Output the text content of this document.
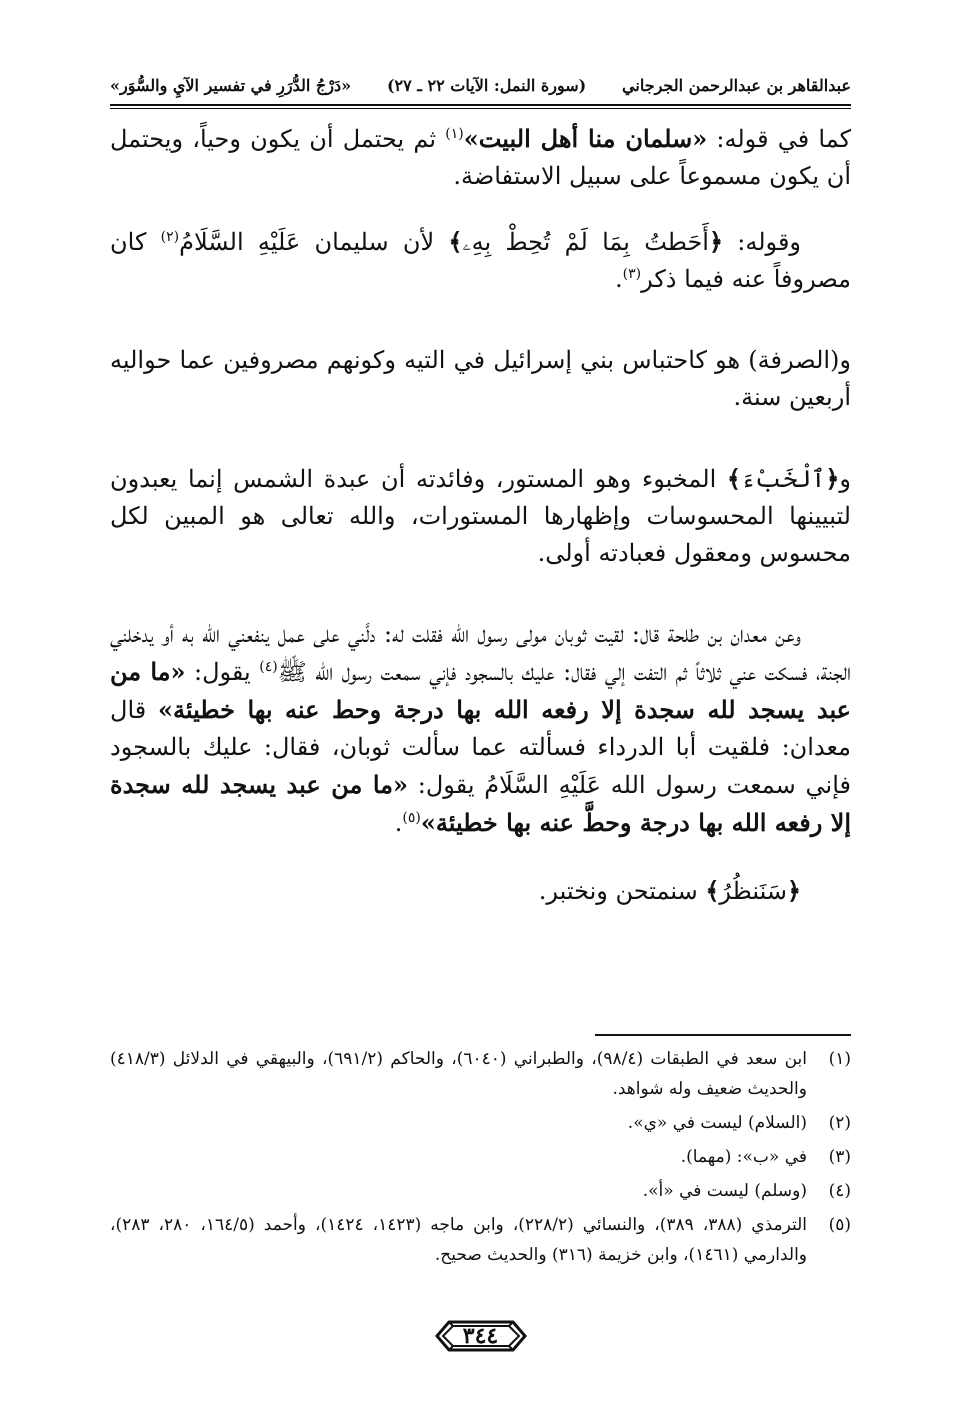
عبدالقاهر بن عبدالرحمن الجرجاني
(سورة النمل: الآيات ٢٢ ـ ٢٧)
«دَرْجُ الدُّرَرِ في تفسير الآيِ والسُّوَر»

كما في قوله: «سلمان منا أهل البيت»$^{(١)}$ ثم يحتمل أن يكون وحياً، ويحتمل أن يكون مسموعاً على سبيل الاستفاضة.

وقوله: ﴿أَحَطتُ بِمَا لَمْ تُحِطْ بِهِۦ﴾ لأن سليمان عَلَيْهِ السَّلَامُ$^{(٢)}$ كان مصروفاً عنه فيما ذكر$^{(٣)}$.

و(الصرفة) هو كاحتباس بني إسرائيل في التيه وكونهم مصروفين عما حواليه أربعين سنة.

و﴿ٱلْخَبْءَ﴾ المخبوء وهو المستور، وفائدته أن عبدة الشمس إنما يعبدون لتبيينها المحسوسات وإظهارها المستورات، والله تعالى هو المبين لكل محسوس ومعقول فعبادته أولى.

وعن معدان بن طلحة قال: لقيت ثوبان مولى رسول الله فقلت له: دلَّني على عمل ينفعني الله به أو يدخلني الجنة، فسكت عني ثلاثاً ثم التفت إلي فقال: عليك بالسجود فإني سمعت رسول الله ﷺ$^{(٤)}$ يقول: «ما من عبد يسجد لله سجدة إلا رفعه الله بها درجة وحط عنه بها خطيئة» قال معدان: فلقيت أبا الدرداء فسألته عما سألت ثوبان، فقال: عليك بالسجود فإني سمعت رسول الله عَلَيْهِ السَّلَامُ يقول: «ما من عبد يسجد لله سجدة إلا رفعه الله بها درجة وحطَّ عنه بها خطيئة»$^{(٥)}$.

﴿سَنَنظُرُ﴾ سنمتحن ونختبر.

(١)
ابن سعد في الطبقات (٩٨/٤)، والطبراني (٦٠٤٠)، والحاكم (٦٩١/٢)، والبيهقي في الدلائل (٤١٨/٣) والحديث ضعيف وله شواهد.
(٢)
(السلام) ليست في «ي».
(٣)
في «ب»: (مهما).
(٤)
(وسلم) ليست في «أ».
(٥)
الترمذي (٣٨٨، ٣٨٩)، والنسائي (٢٢٨/٢)، وابن ماجه (١٤٢٣، ١٤٢٤)، وأحمد (١٦٤/٥، ٢٨٠، ٢٨٣)، والدارمي (١٤٦١)، وابن خزيمة (٣١٦) والحديث صحيح.
٣٤٤
